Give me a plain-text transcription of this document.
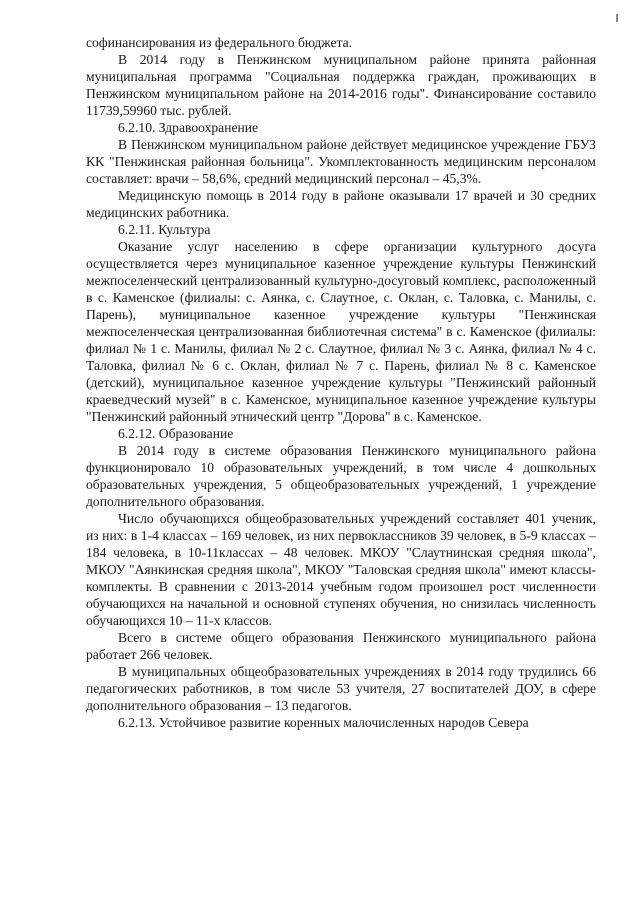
софинансирования из федерального бюджета.

В 2014 году в Пенжинском муниципальном районе принята районная муниципальная программа "Социальная поддержка граждан, проживающих в Пенжинском муниципальном районе на 2014-2016 годы". Финансирование составило 11739,59960 тыс. рублей.

6.2.10. Здравоохранение

В Пенжинском муниципальном районе действует медицинское учреждение ГБУЗ КК "Пенжинская районная больница". Укомплектованность медицинским персоналом составляет: врачи – 58,6%, средний медицинский персонал – 45,3%.

Медицинскую помощь в 2014 году в районе оказывали 17 врачей и 30 средних медицинских работника.

6.2.11. Культура

Оказание услуг населению в сфере организации культурного досуга осуществляется через муниципальное казенное учреждение культуры Пенжинский межпоселенческий централизованный культурно-досуговый комплекс, расположенный в с. Каменское (филиалы: с. Аянка, с. Слаутное, с. Оклан, с. Таловка, с. Манилы, с. Парень), муниципальное казенное учреждение культуры "Пенжинская межпоселенческая централизованная библиотечная система" в с. Каменское (филиалы: филиал № 1 с. Манилы, филиал № 2 с. Слаутное, филиал № 3 с. Аянка, филиал № 4 с. Таловка, филиал № 6 с. Оклан, филиал № 7 с. Парень, филиал № 8 с. Каменское (детский), муниципальное казенное учреждение культуры "Пенжинский районный краеведческий музей" в с. Каменское, муниципальное казенное учреждение культуры "Пенжинский районный этнический центр "Дорова" в с. Каменское.

6.2.12. Образование

В 2014 году в системе образования Пенжинского муниципального района функционировало 10 образовательных учреждений, в том числе 4 дошкольных образовательных учреждения, 5 общеобразовательных учреждений, 1 учреждение дополнительного образования.

Число обучающихся общеобразовательных учреждений составляет 401 ученик, из них: в 1-4 классах – 169 человек, из них первоклассников 39 человек, в 5-9 классах – 184 человека, в 10-11классах – 48 человек. МКОУ "Слаутнинская средняя школа", МКОУ "Аянкинская средняя школа", МКОУ "Таловская средняя школа" имеют классы-комплекты. В сравнении с 2013-2014 учебным годом произошел рост численности обучающихся на начальной и основной ступенях обучения, но снизилась численность обучающихся 10 – 11-х классов.

Всего в системе общего образования Пенжинского муниципального района работает 266 человек.

В муниципальных общеобразовательных учреждениях в 2014 году трудились 66 педагогических работников, в том числе 53 учителя, 27 воспитателей ДОУ, в сфере дополнительного образования – 13 педагогов.

6.2.13. Устойчивое развитие коренных малочисленных народов Севера
